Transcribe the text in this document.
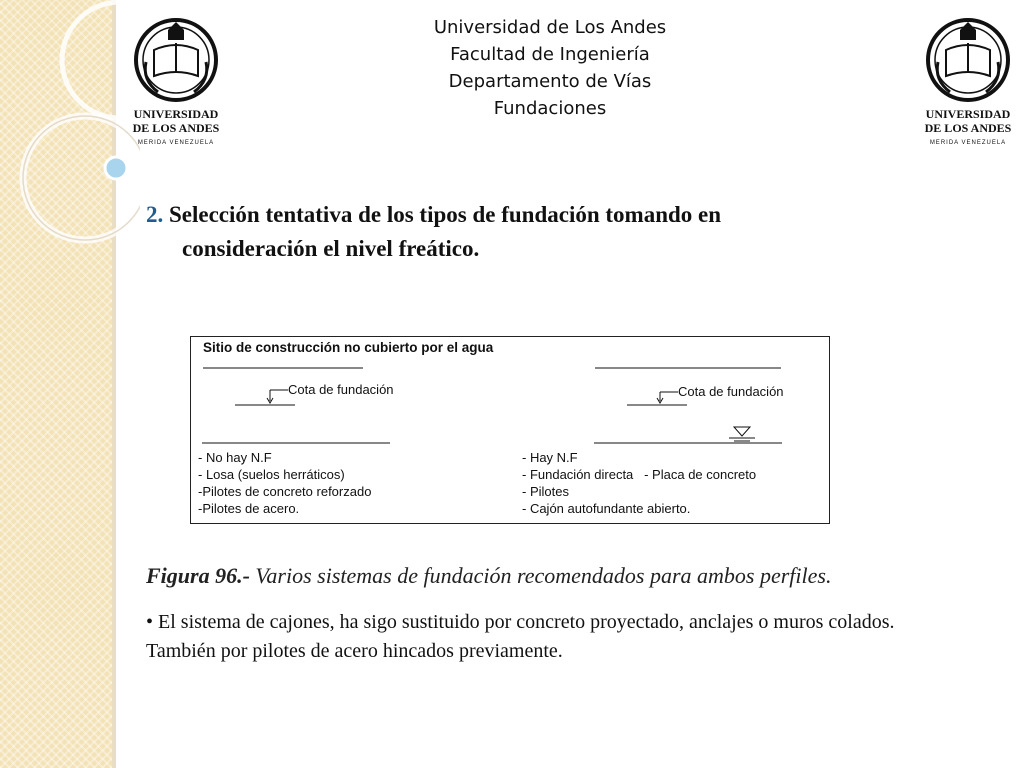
UNIVERSIDAD
DE LOS ANDES
MERIDA VENEZUELA
UNIVERSIDAD
DE LOS ANDES
MERIDA VENEZUELA
Universidad de Los Andes
Facultad de Ingeniería
Departamento de Vías
Fundaciones
2. Selección tentativa de los tipos de fundación tomando en
consideración el nivel freático.
Sitio de construcción no cubierto por el agua
Cota de fundación	Cota de fundación
- No hay N.F
- Losa (suelos herráticos)
-Pilotes de concreto reforzado
-Pilotes de acero.
- Hay N.F
- Fundación directa   - Placa de concreto
- Pilotes
- Cajón autofundante abierto.
Figura 96.- Varios sistemas de fundación recomendados para ambos perfiles.
• El sistema de cajones, ha sigo sustituido por concreto proyectado, anclajes o muros colados. También por pilotes de acero hincados previamente.
